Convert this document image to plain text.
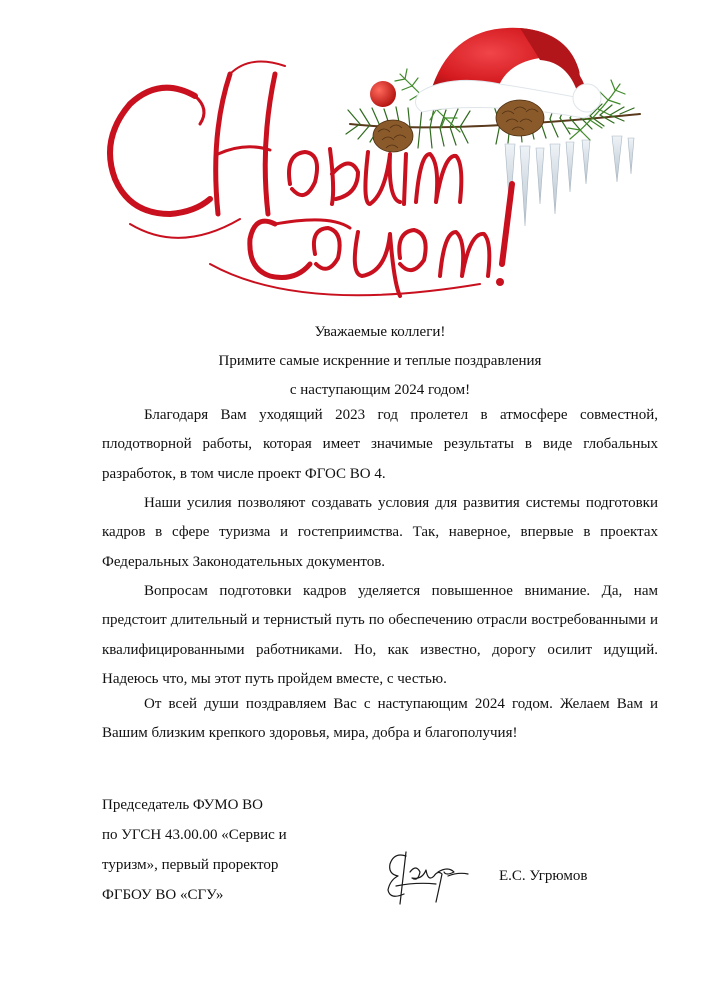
Уважаемые коллеги!
Примите самые искренние и теплые поздравления
с наступающим 2024 годом!

Благодаря Вам уходящий 2023 год пролетел в атмосфере совместной, плодотворной работы, которая имеет значимые результаты в виде глобальных разработок, в том числе проект ФГОС ВО 4.

Наши усилия позволяют создавать условия для развития системы подготовки кадров в сфере туризма и гостеприимства. Так, наверное, впервые в проектах Федеральных Законодательных документов.

Вопросам подготовки кадров уделяется повышенное внимание. Да, нам предстоит длительный и тернистый путь по обеспечению отрасли востребованными и квалифицированными работниками. Но, как известно, дорогу осилит идущий. Надеюсь что, мы этот путь пройдем вместе, с честью.

От всей души поздравляем Вас с наступающим 2024 годом. Желаем Вам и Вашим близким крепкого здоровья, мира, добра и благополучия!

Председатель ФУМО ВО
по УГСН 43.00.00 «Сервис и
туризм», первый проректор
ФГБОУ ВО «СГУ»
Е.С. Угрюмов
